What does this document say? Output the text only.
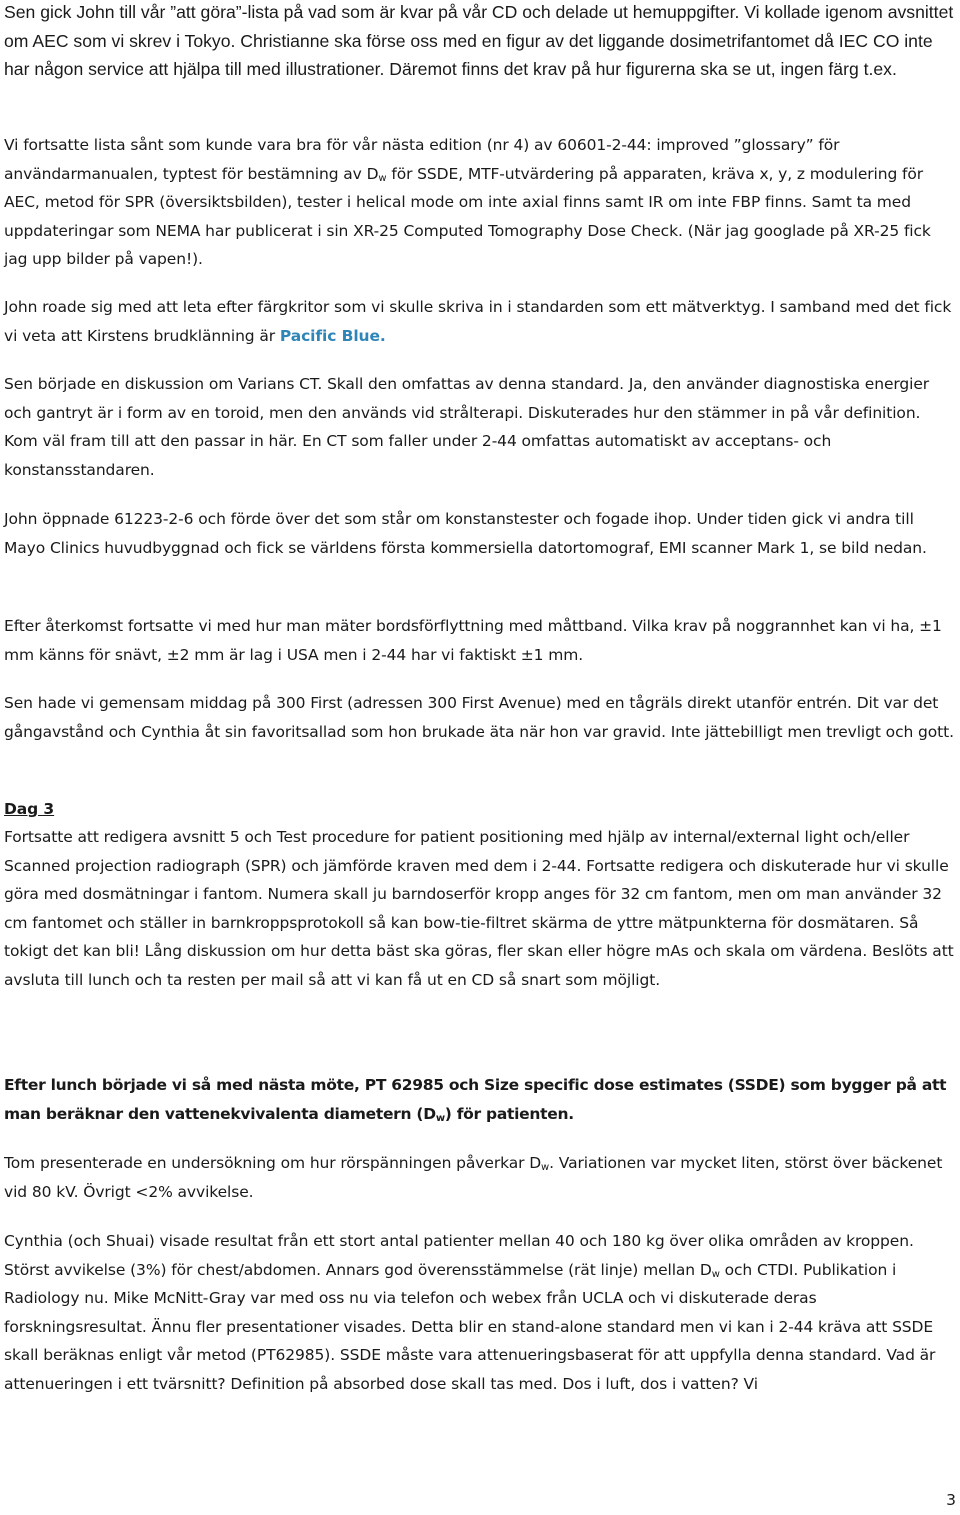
Sen gick John till vår ”att göra”-lista på vad som är kvar på vår CD och delade ut hemuppgifter. Vi kollade igenom avsnittet om AEC som vi skrev i Tokyo. Christianne ska förse oss med en figur av det liggande dosimetrifantomet då IEC CO inte har någon service att hjälpa till med illustrationer. Däremot finns det krav på hur figurerna ska se ut, ingen färg t.ex.

Vi fortsatte lista sånt som kunde vara bra för vår nästa edition (nr 4) av 60601-2-44: improved ”glossary” för användarmanualen, typtest för bestämning av $D_w$ för SSDE, MTF-utvärdering på apparaten, kräva x, y, z modulering för AEC, metod för SPR (översiktsbilden), tester i helical mode om inte axial finns samt IR om inte FBP finns. Samt ta med uppdateringar som NEMA har publicerat i sin XR-25 Computed Tomography Dose Check. (När jag googlade på XR-25 fick jag upp bilder på vapen!).

John roade sig med att leta efter färgkritor som vi skulle skriva in i standarden som ett mätverktyg. I samband med det fick vi veta att Kirstens brudklänning är Pacific Blue.

Sen började en diskussion om Varians CT. Skall den omfattas av denna standard. Ja, den använder diagnostiska energier och gantryt är i form av en toroid, men den används vid strålterapi. Diskuterades hur den stämmer in på vår definition. Kom väl fram till att den passar in här. En CT som faller under 2-44 omfattas automatiskt av acceptans- och konstansstandaren.

John öppnade 61223-2-6 och förde över det som står om konstanstester och fogade ihop. Under tiden gick vi andra till Mayo Clinics huvudbyggnad och fick se världens första kommersiella datortomograf, EMI scanner Mark 1, se bild nedan.

Efter återkomst fortsatte vi med hur man mäter bordsförflyttning med måttband. Vilka krav på noggrannhet kan vi ha, ±1 mm känns för snävt, ±2 mm är lag i USA men i 2-44 har vi faktiskt ±1 mm.

Sen hade vi gemensam middag på 300 First (adressen 300 First Avenue) med en tågräls direkt utanför entrén. Dit var det gångavstånd och Cynthia åt sin favoritsallad som hon brukade äta när hon var gravid. Inte jättebilligt men trevligt och gott.

Dag 3

Fortsatte att redigera avsnitt 5 och Test procedure for patient positioning med hjälp av internal/external light och/eller Scanned projection radiograph (SPR) och jämförde kraven med dem i 2-44. Fortsatte redigera och diskuterade hur vi skulle göra med dosmätningar i fantom. Numera skall ju barndoserför kropp anges för 32 cm fantom, men om man använder 32 cm fantomet och ställer in barnkroppsprotokoll så kan bow-tie-filtret skärma de yttre mätpunkterna för dosmätaren. Så tokigt det kan bli! Lång diskussion om hur detta bäst ska göras, fler skan eller högre mAs och skala om värdena. Beslöts att avsluta till lunch och ta resten per mail så att vi kan få ut en CD så snart som möjligt.

Efter lunch började vi så med nästa möte, PT 62985 och Size specific dose estimates (SSDE) som bygger på att man beräknar den vattenekvivalenta diametern $(D_w)$ för patienten.

Tom presenterade en undersökning om hur rörspänningen påverkar $D_w$. Variationen var mycket liten, störst över bäckenet vid 80 kV. Övrigt <2% avvikelse.

Cynthia (och Shuai) visade resultat från ett stort antal patienter mellan 40 och 180 kg över olika områden av kroppen. Störst avvikelse (3%) för chest/abdomen. Annars god överensstämmelse (rät linje) mellan $D_w$ och CTDI. Publikation i Radiology nu. Mike McNitt-Gray var med oss nu via telefon och webex från UCLA och vi diskuterade deras forskningsresultat. Ännu fler presentationer visades. Detta blir en stand-alone standard men vi kan i 2-44 kräva att SSDE skall beräknas enligt vår metod (PT62985). SSDE måste vara attenueringsbaserat för att uppfylla denna standard. Vad är attenueringen i ett tvärsnitt? Definition på absorbed dose skall tas med. Dos i luft, dos i vatten? Vi

3
